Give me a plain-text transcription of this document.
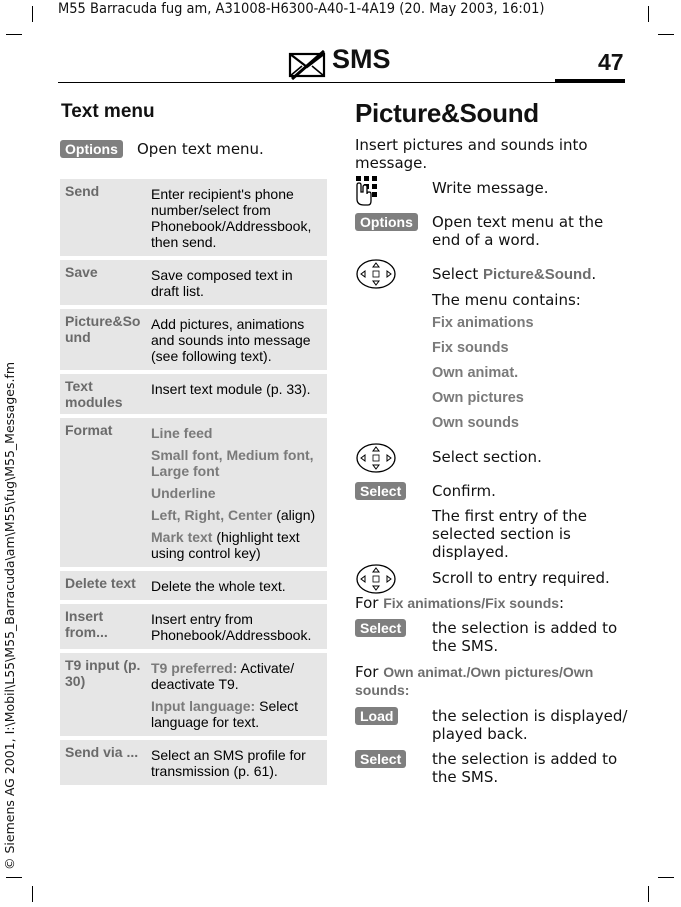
M55 Barracuda fug am, A31008-H6300-A40-1-4A19 (20. May 2003, 16:01)
© Siemens AG 2001, I:\Mobil\L55\M55_Barracuda\am\M55\fug\M55_Messages.fm
SMS	47
Text menu
Options	Open text menu.
Send	Enter recipient's phone number/select from Phonebook/Addressbook, then send.

Save	Save composed text in draft list.

Picture&Sound	Add pictures, animations and sounds into message (see following text).

Text modules	Insert text module (p. 33).

Format	Line feed

Small font, Medium font, Large font

Underline

Left, Right, Center (align)

Mark text (highlight text using control key)

Delete text	Delete the whole text.

Insert from...	Insert entry from Phonebook/Addressbook.

T9 input (p. 30)	T9 preferred: Activate/ deactivate T9.

Input language: Select language for text.

Send via ...	Select an SMS profile for transmission (p. 61).

Picture&Sound
Insert pictures and sounds into message.
Write message.
Options	Open text menu at the end of a word.
Select Picture&Sound.
The menu contains:
Fix animations
Fix sounds
Own animat.
Own pictures
Own sounds
Select section.
Select	Confirm.
The first entry of the selected section is displayed.
Scroll to entry required.
For Fix animations/Fix sounds:
Select	the selection is added to the SMS.
For Own animat./Own pictures/Own sounds:
Load	the selection is displayed/ played back.
Select	the selection is added to the SMS.
